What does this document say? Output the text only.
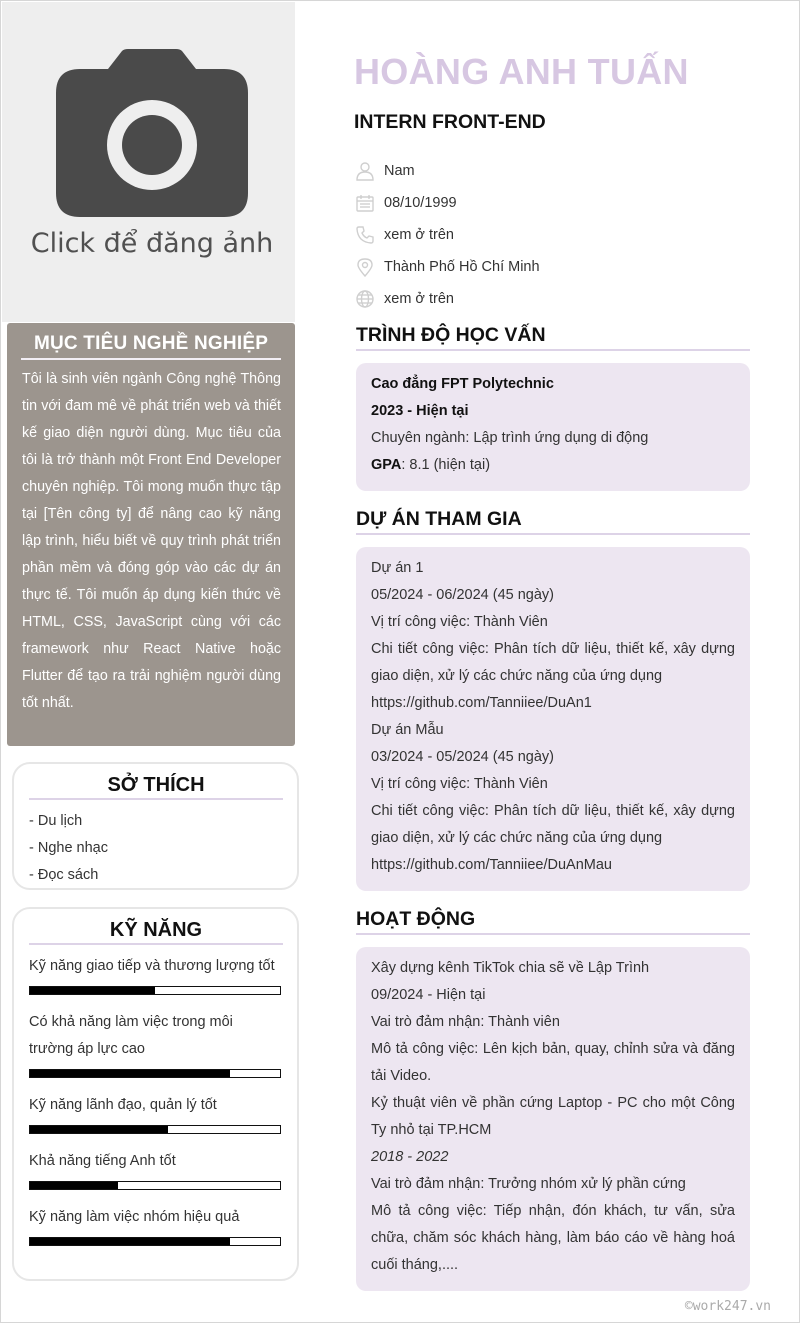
Click để đăng ảnh
MỤC TIÊU NGHỀ NGHIỆP

Tôi là sinh viên ngành Công nghệ Thông tin với đam mê về phát triển web và thiết kế giao diện người dùng. Mục tiêu của tôi là trở thành một Front End Developer chuyên nghiệp. Tôi mong muốn thực tập tại [Tên công ty] để nâng cao kỹ năng lập trình, hiểu biết về quy trình phát triển phần mềm và đóng góp vào các dự án thực tế. Tôi muốn áp dụng kiến thức về HTML, CSS, JavaScript cùng với các framework như React Native hoặc Flutter để tạo ra trải nghiệm người dùng tốt nhất.

SỞ THÍCH
- Du lịch
- Nghe nhạc
- Đọc sách
KỸ NĂNG
Kỹ năng giao tiếp và thương lượng tốt
Có khả năng làm việc trong môi trường áp lực cao
Kỹ năng lãnh đạo, quản lý tốt
Khả năng tiếng Anh tốt
Kỹ năng làm việc nhóm hiệu quả
HOÀNG ANH TUẤN
INTERN FRONT-END
Nam
08/10/1999
xem ở trên
Thành Phố Hồ Chí Minh
xem ở trên
TRÌNH ĐỘ HỌC VẤN
Cao đẳng FPT Polytechnic
2023 - Hiện tại
Chuyên ngành: Lập trình ứng dụng di động
GPA: 8.1 (hiện tại)
DỰ ÁN THAM GIA
Dự án 1
05/2024 - 06/2024 (45 ngày)
Vị trí công việc: Thành Viên
Chi tiết công việc: Phân tích dữ liệu, thiết kế, xây dựng giao diện, xử lý các chức năng của ứng dụng
https://github.com/Tanniiee/DuAn1
Dự án Mẫu
03/2024 - 05/2024 (45 ngày)
Vị trí công việc: Thành Viên
Chi tiết công việc: Phân tích dữ liệu, thiết kế, xây dựng giao diện, xử lý các chức năng của ứng dụng
https://github.com/Tanniiee/DuAnMau
HOẠT ĐỘNG
Xây dựng kênh TikTok chia sẽ về Lập Trình
09/2024 - Hiện tại
Vai trò đảm nhận: Thành viên
Mô tả công việc: Lên kịch bản, quay, chỉnh sửa và đăng tải Video.
Kỷ thuật viên về phần cứng Laptop - PC cho một Công Ty nhỏ tại TP.HCM
2018 - 2022
Vai trò đảm nhận: Trưởng nhóm xử lý phần cứng
Mô tả công việc: Tiếp nhận, đón khách, tư vấn, sửa chữa, chăm sóc khách hàng, làm báo cáo về hàng hoá cuối tháng,....
©work247.vn
